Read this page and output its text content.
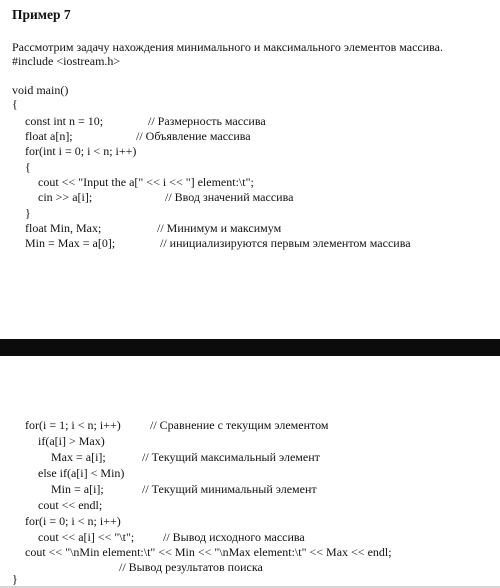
Пример 7
Рассмотрим задачу нахождения минимального и максимального элементов массива.
#include <iostream.h>
void main()
{
const int n = 10;	// Размерность массива
float a[n];	// Объявление массива
for(int i = 0; i < n; i++)
{
cout << "Input the a[" << i << "] element:\t";
cin >> a[i];	// Ввод значений массива
}
float Min, Max;	// Минимум и максимум
Min = Max = a[0];	// инициализируются первым элементом массива
for(i = 1; i < n; i++) // Сравнение с текущим элементом
if(a[i] > Max)
Max = a[i];	// Текущий максимальный элемент
else if(a[i] < Min)
Min = a[i];	// Текущий минимальный элемент
cout << endl;
for(i = 0; i < n; i++)
cout << a[i] << "\t"; // Вывод исходного массива
cout << "\nMin element:\t" << Min << "\nMax element:\t" << Max << endl;
// Вывод результатов поиска
}
